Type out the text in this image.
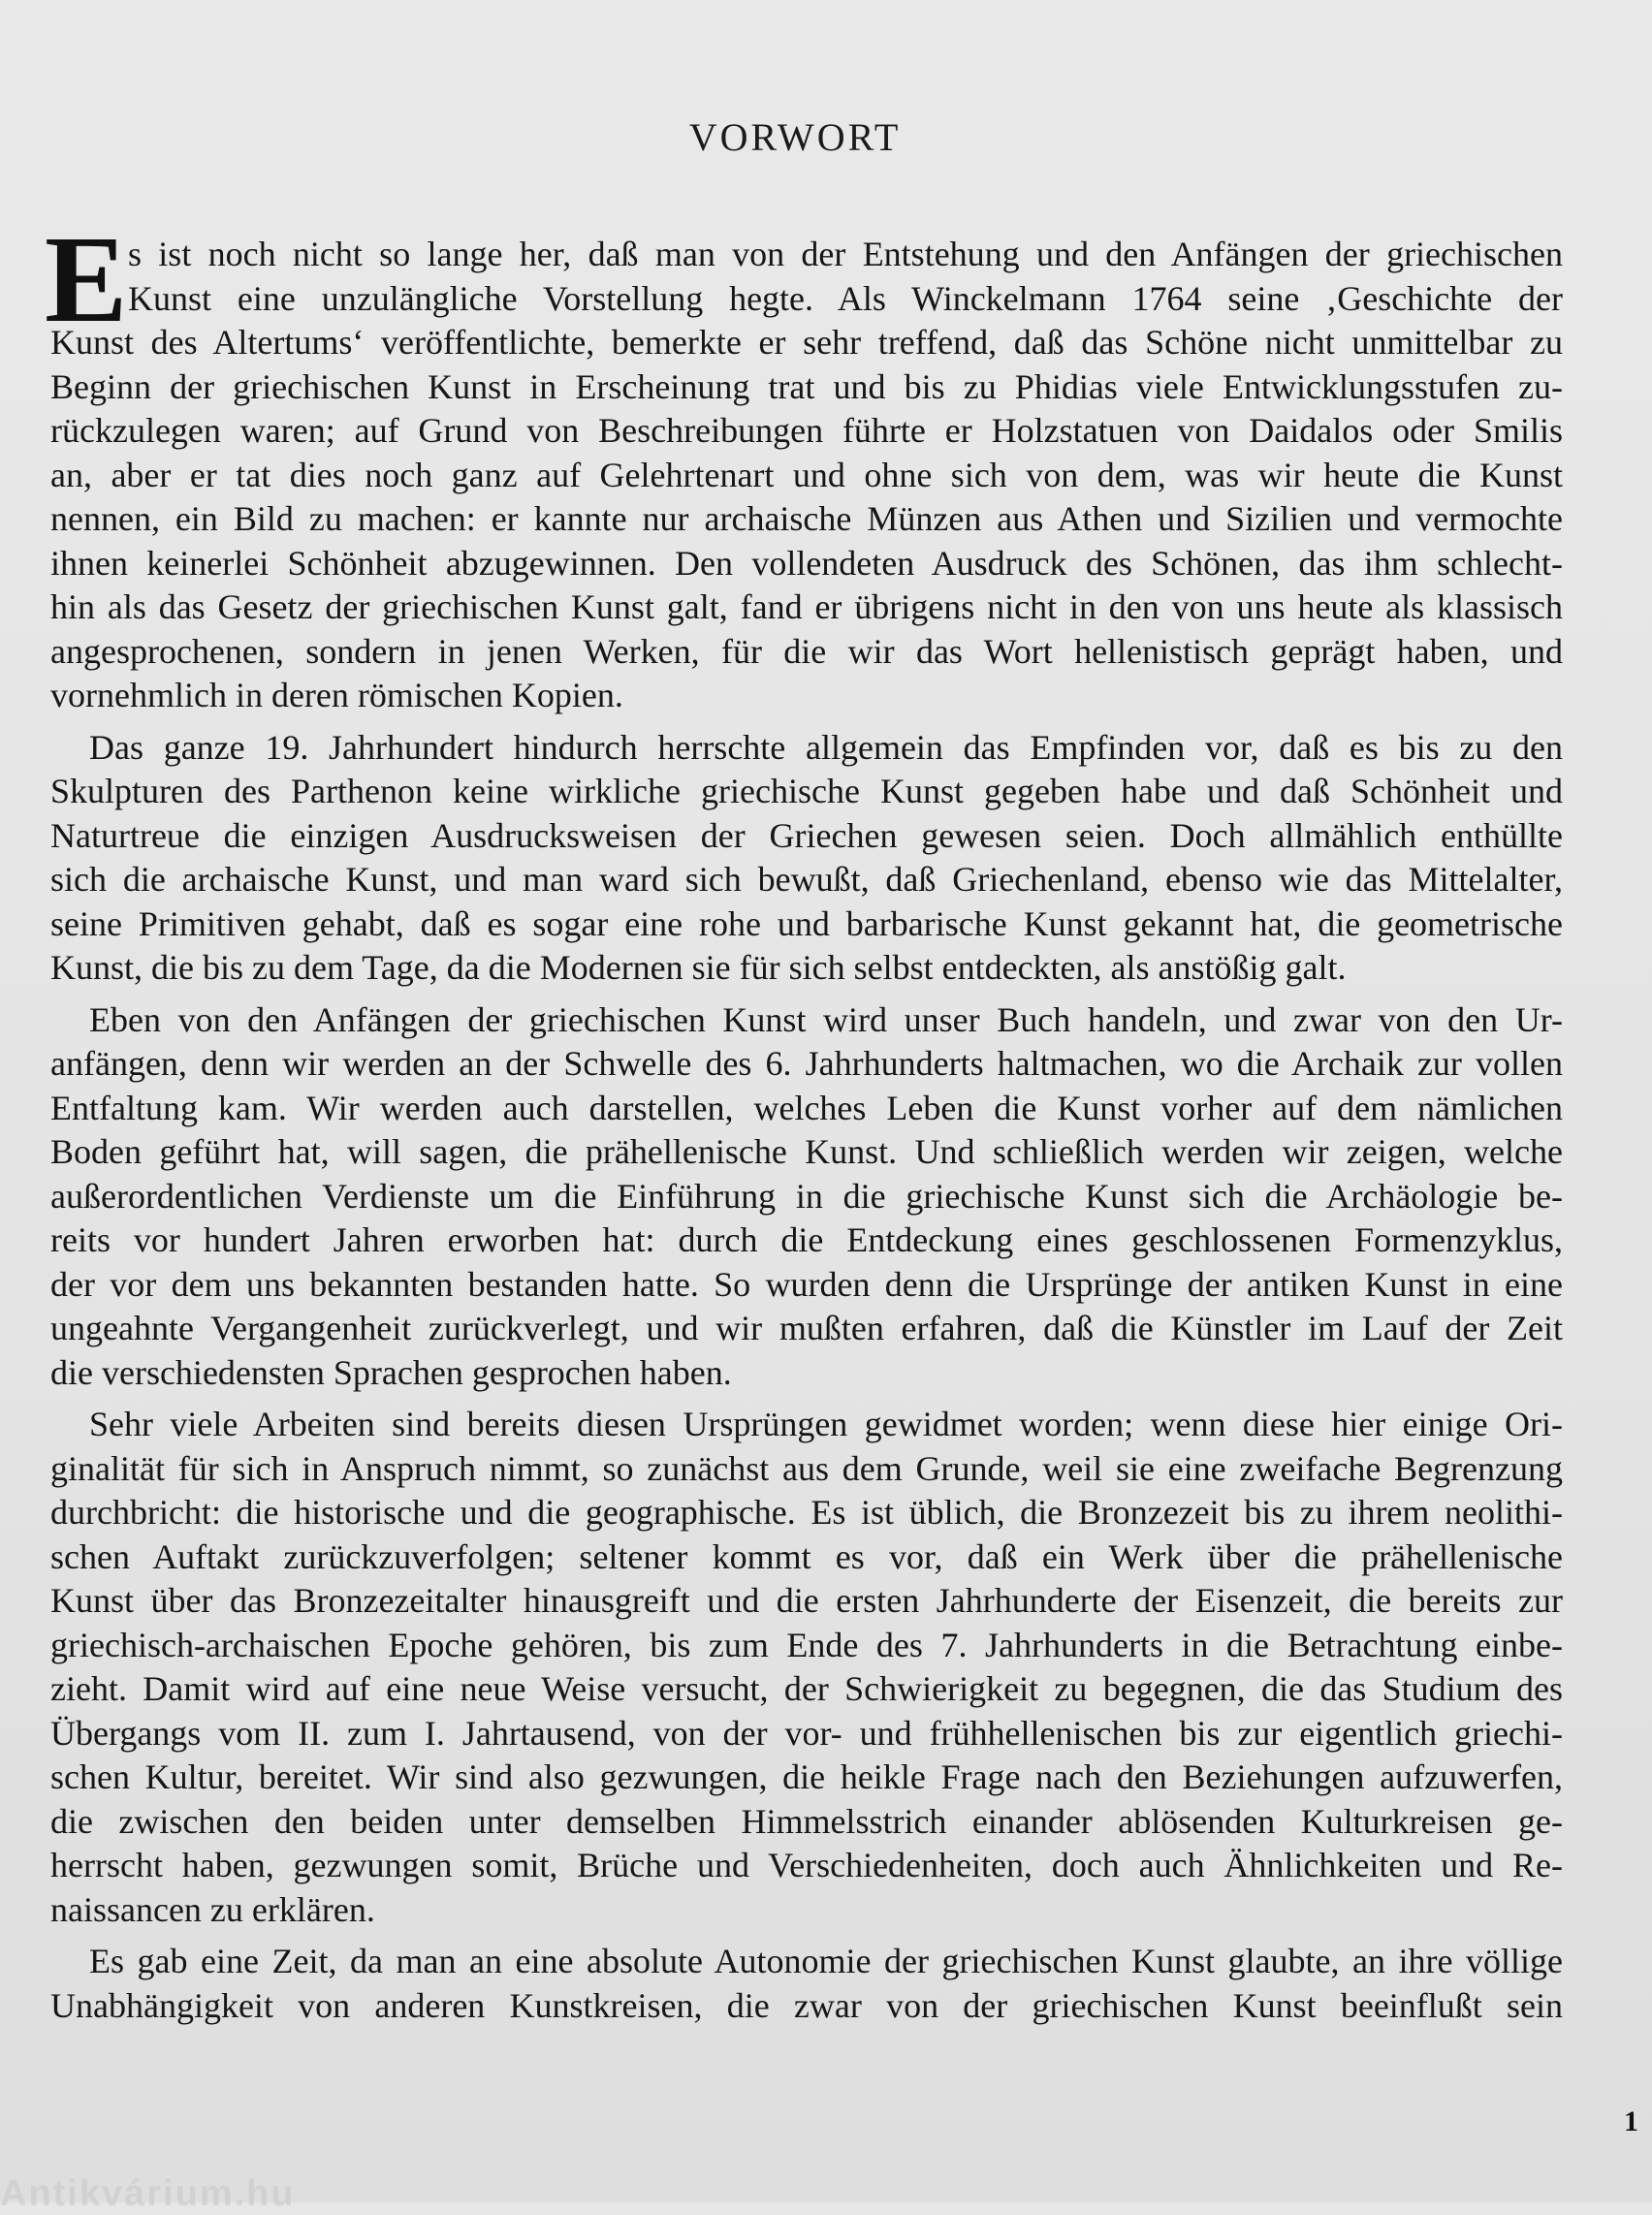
VORWORT
E s ist noch nicht so lange her, daß man von der Entstehung und den Anfängen der griechischen
Kunst eine unzulängliche Vorstellung hegte. Als Winckelmann 1764 seine ‚Geschichte der
Kunst des Altertums‘ veröffentlichte, bemerkte er sehr treffend, daß das Schöne nicht unmittelbar zu
Beginn der griechischen Kunst in Erscheinung trat und bis zu Phidias viele Entwicklungsstufen zu-
rückzulegen waren; auf Grund von Beschreibungen führte er Holzstatuen von Daidalos oder Smilis
an, aber er tat dies noch ganz auf Gelehrtenart und ohne sich von dem, was wir heute die Kunst
nennen, ein Bild zu machen: er kannte nur archaische Münzen aus Athen und Sizilien und vermochte
ihnen keinerlei Schönheit abzugewinnen. Den vollendeten Ausdruck des Schönen, das ihm schlecht-
hin als das Gesetz der griechischen Kunst galt, fand er übrigens nicht in den von uns heute als klassisch
angesprochenen, sondern in jenen Werken, für die wir das Wort hellenistisch geprägt haben, und
vornehmlich in deren römischen Kopien.
Das ganze 19. Jahrhundert hindurch herrschte allgemein das Empfinden vor, daß es bis zu den
Skulpturen des Parthenon keine wirkliche griechische Kunst gegeben habe und daß Schönheit und
Naturtreue die einzigen Ausdrucksweisen der Griechen gewesen seien. Doch allmählich enthüllte
sich die archaische Kunst, und man ward sich bewußt, daß Griechenland, ebenso wie das Mittelalter,
seine Primitiven gehabt, daß es sogar eine rohe und barbarische Kunst gekannt hat, die geometrische
Kunst, die bis zu dem Tage, da die Modernen sie für sich selbst entdeckten, als anstößig galt.
Eben von den Anfängen der griechischen Kunst wird unser Buch handeln, und zwar von den Ur-
anfängen, denn wir werden an der Schwelle des 6. Jahrhunderts haltmachen, wo die Archaik zur vollen
Entfaltung kam. Wir werden auch darstellen, welches Leben die Kunst vorher auf dem nämlichen
Boden geführt hat, will sagen, die prähellenische Kunst. Und schließlich werden wir zeigen, welche
außerordentlichen Verdienste um die Einführung in die griechische Kunst sich die Archäologie be-
reits vor hundert Jahren erworben hat: durch die Entdeckung eines geschlossenen Formenzyklus,
der vor dem uns bekannten bestanden hatte. So wurden denn die Ursprünge der antiken Kunst in eine
ungeahnte Vergangenheit zurückverlegt, und wir mußten erfahren, daß die Künstler im Lauf der Zeit
die verschiedensten Sprachen gesprochen haben.
Sehr viele Arbeiten sind bereits diesen Ursprüngen gewidmet worden; wenn diese hier einige Ori-
ginalität für sich in Anspruch nimmt, so zunächst aus dem Grunde, weil sie eine zweifache Begrenzung
durchbricht: die historische und die geographische. Es ist üblich, die Bronzezeit bis zu ihrem neolithi-
schen Auftakt zurückzuverfolgen; seltener kommt es vor, daß ein Werk über die prähellenische
Kunst über das Bronzezeitalter hinausgreift und die ersten Jahrhunderte der Eisenzeit, die bereits zur
griechisch-archaischen Epoche gehören, bis zum Ende des 7. Jahrhunderts in die Betrachtung einbe-
zieht. Damit wird auf eine neue Weise versucht, der Schwierigkeit zu begegnen, die das Studium des
Übergangs vom II. zum I. Jahrtausend, von der vor- und frühhellenischen bis zur eigentlich griechi-
schen Kultur, bereitet. Wir sind also gezwungen, die heikle Frage nach den Beziehungen aufzuwerfen,
die zwischen den beiden unter demselben Himmelsstrich einander ablösenden Kulturkreisen ge-
herrscht haben, gezwungen somit, Brüche und Verschiedenheiten, doch auch Ähnlichkeiten und Re-
naissancen zu erklären.
Es gab eine Zeit, da man an eine absolute Autonomie der griechischen Kunst glaubte, an ihre völlige
Unabhängigkeit von anderen Kunstkreisen, die zwar von der griechischen Kunst beeinflußt sein
1
Antikvárium.hu
